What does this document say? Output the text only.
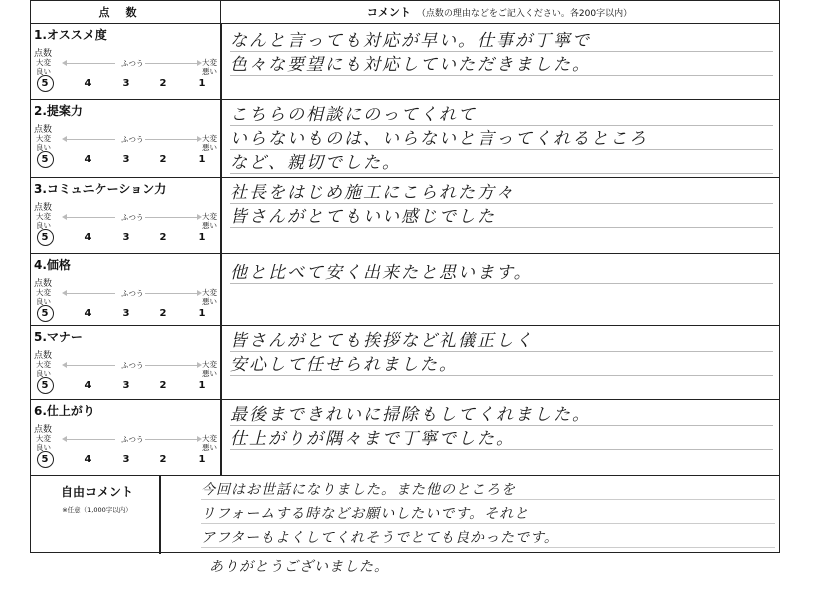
点数	コメント （点数の理由などをご記入ください。各200字以内）
1.オススメ度
点数
大変
良い
ふつう	大変
悪い
5	4	3	2	1
なんと言っても対応が早い。仕事が丁寧で
色々な要望にも対応していただきました。
2.提案力
点数
大変
良い
ふつう	大変
悪い
5	4	3	2	1
こちらの相談にのってくれて
いらないものは、いらないと言ってくれるところ
など、親切でした。
3.コミュニケーション力
点数
大変
良い
ふつう	大変
悪い
5	4	3	2	1
社長をはじめ施工にこられた方々
皆さんがとてもいい感じでした
4.価格
点数
大変
良い
ふつう	大変
悪い
5	4	3	2	1
他と比べて安く出来たと思います。
5.マナー
点数
大変
良い
ふつう	大変
悪い
5	4	3	2	1
皆さんがとても挨拶など礼儀正しく
安心して任せられました。
6.仕上がり
点数
大変
良い
ふつう	大変
悪い
5	4	3	2	1
最後まできれいに掃除もしてくれました。
仕上がりが隅々まで丁寧でした。
自由コメント
※任意（1,000字以内）
今回はお世話になりました。また他のところを
リフォームする時などお願いしたいです。それと
アフターもよくしてくれそうでとても良かったです。
ありがとうございました。
